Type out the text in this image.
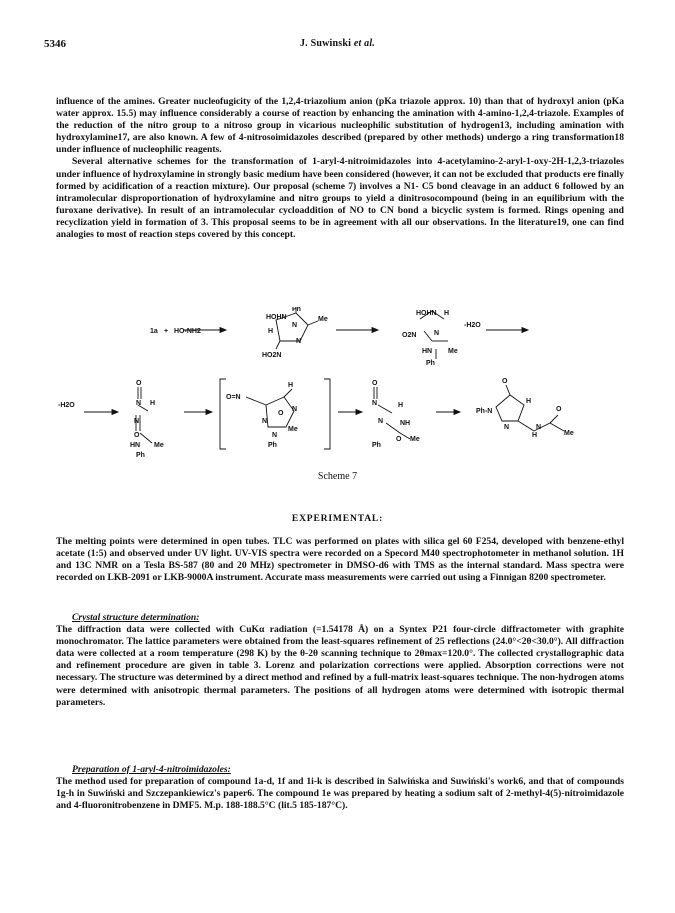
5346	J. Suwinski et al.

influence of the amines. Greater nucleofugicity of the 1,2,4-triazolium anion (pKa triazole approx. 10) than that of hydroxyl anion (pKa water approx. 15.5) may influence considerably a course of reaction by enhancing the amination with 4-amino-1,2,4-triazole. Examples of the reduction of the nitro group to a nitroso group in vicarious nucleophilic substitution of hydrogen13, including amination with hydroxylamine17, are also known. A few of 4-nitrosoimidazoles described (prepared by other methods) undergo a ring transformation18 under influence of nucleophilic reagents.

Several alternative schemes for the transformation of 1-aryl-4-nitroimidazoles into 4-acetylamino-2-aryl-1-oxy-2H-1,2,3-triazoles under influence of hydroxylamine in strongly basic medium have been considered (however, it can not be excluded that products ere finally formed by acidification of a reaction mixture). Our proposal (scheme 7) involves a N1- C5 bond cleavage in an adduct 6 followed by an intramolecular disproportionation of hydroxylamine and nitro groups to yield a dinitrosocompound (being in an equilibrium with the furoxane derivative). In result of an intramolecular cycloaddition of NO to CN bond a bicyclic system is formed. Rings opening and recyclization yield in formation of 3. This proposal seems to be in agreement with all our observations. In the literature19, one can find analogies to most of reaction steps covered by this concept.

1a + HO-NH2
Ph
HOHN
N
Me
H
N
HO2N
HOHN H
O2N	N
HN Me
Ph
-H2O
-H2O
O
N H
N
O
HN Me
Ph
O=N
H
N
O
N
Me
N
Ph
O
N	H
NH
N
O Me
Ph
O
H
Ph-N
N
H
N
O
Me
Scheme 7
EXPERIMENTAL:
The melting points were determined in open tubes. TLC was performed on plates with silica gel 60 F254, developed with benzene-ethyl acetate (1:5) and observed under UV light. UV-VIS spectra were recorded on a Specord M40 spectrophotometer in methanol solution. 1H and 13C NMR on a Tesla BS-587 (80 and 20 MHz) spectrometer in DMSO-d6 with TMS as the internal standard. Mass spectra were recorded on LKB-2091 or LKB-9000A instrument. Accurate mass measurements were carried out using a Finnigan 8200 spectrometer.

Crystal structure determination:

The diffraction data were collected with CuKα radiation (=1.54178 Å) on a Syntex P21 four-circle diffractometer with graphite monochromator. The lattice parameters were obtained from the least-squares refinement of 25 reflections (24.0°<2θ<30.0°). All diffraction data were collected at a room temperature (298 K) by the θ-2θ scanning technique to 2θmax=120.0°. The collected crystallographic data and refinement procedure are given in table 3. Lorenz and polarization corrections were applied. Absorption corrections were not necessary. The structure was determined by a direct method and refined by a full-matrix least-squares technique. The non-hydrogen atoms were determined with anisotropic thermal parameters. The positions of all hydrogen atoms were determined with isotropic thermal parameters.

Preparation of 1-aryl-4-nitroimidazoles:

The method used for preparation of compound 1a-d, 1f and 1i-k is described in Salwińska and Suwiński's work6, and that of compounds 1g-h in Suwiński and Szczepankiewicz's paper6. The compound 1e was prepared by heating a sodium salt of 2-methyl-4(5)-nitroimidazole and 4-fluoronitrobenzene in DMF5. M.p. 188-188.5°C (lit.5 185-187°C).
